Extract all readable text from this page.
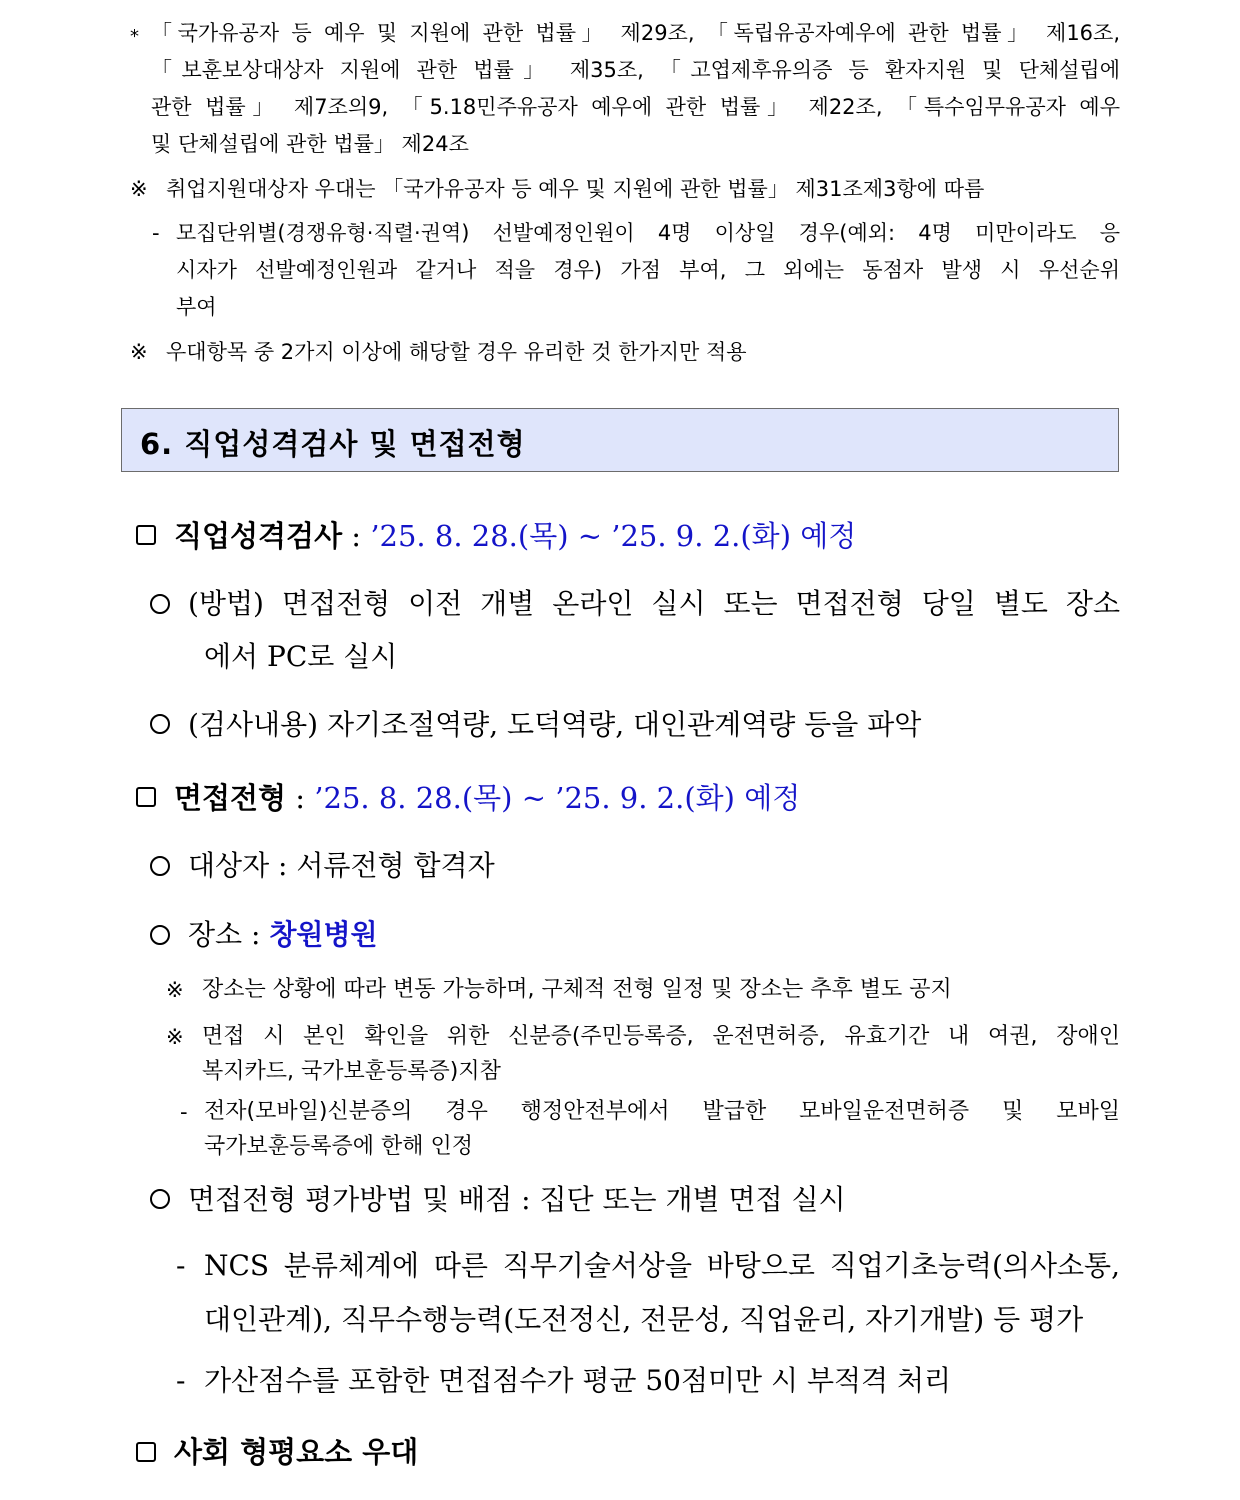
* 「국가유공자 등 예우 및 지원에 관한 법률」 제29조, 「독립유공자예우에 관한 법률」 제16조,
「보훈보상대상자 지원에 관한 법률」 제35조, 「고엽제후유의증 등 환자지원 및 단체설립에
관한 법률」 제7조의9, 「5.18민주유공자 예우에 관한 법률」 제22조, 「특수임무유공자 예우
및 단체설립에 관한 법률」 제24조
※ 취업지원대상자 우대는 「국가유공자 등 예우 및 지원에 관한 법률」 제31조제3항에 따름
- 모집단위별(경쟁유형·직렬·권역) 선발예정인원이 4명 이상일 경우(예외: 4명 미만이라도 응
시자가 선발예정인원과 같거나 적을 경우) 가점 부여, 그 외에는 동점자 발생 시 우선순위
부여
※ 우대항목 중 2가지 이상에 해당할 경우 유리한 것 한가지만 적용
6. 직업성격검사 및 면접전형
직업성격검사 : ’25. 8. 28.(목) ~ ’25. 9. 2.(화) 예정
(방법) 면접전형 이전 개별 온라인 실시 또는 면접전형 당일 별도 장소
에서 PC로 실시
(검사내용) 자기조절역량, 도덕역량, 대인관계역량 등을 파악
면접전형 : ’25. 8. 28.(목) ~ ’25. 9. 2.(화) 예정
대상자 : 서류전형 합격자
장소 : 창원병원
※ 장소는 상황에 따라 변동 가능하며, 구체적 전형 일정 및 장소는 추후 별도 공지
※ 면접 시 본인 확인을 위한 신분증(주민등록증, 운전면허증, 유효기간 내 여권, 장애인
복지카드, 국가보훈등록증)지참
- 전자(모바일)신분증의 경우 행정안전부에서 발급한 모바일운전면허증 및 모바일
국가보훈등록증에 한해 인정
면접전형 평가방법 및 배점 : 집단 또는 개별 면접 실시
- NCS 분류체계에 따른 직무기술서상을 바탕으로 직업기초능력(의사소통,
대인관계), 직무수행능력(도전정신, 전문성, 직업윤리, 자기개발) 등 평가
- 가산점수를 포함한 면접점수가 평균 50점미만 시 부적격 처리
사회 형평요소 우대
